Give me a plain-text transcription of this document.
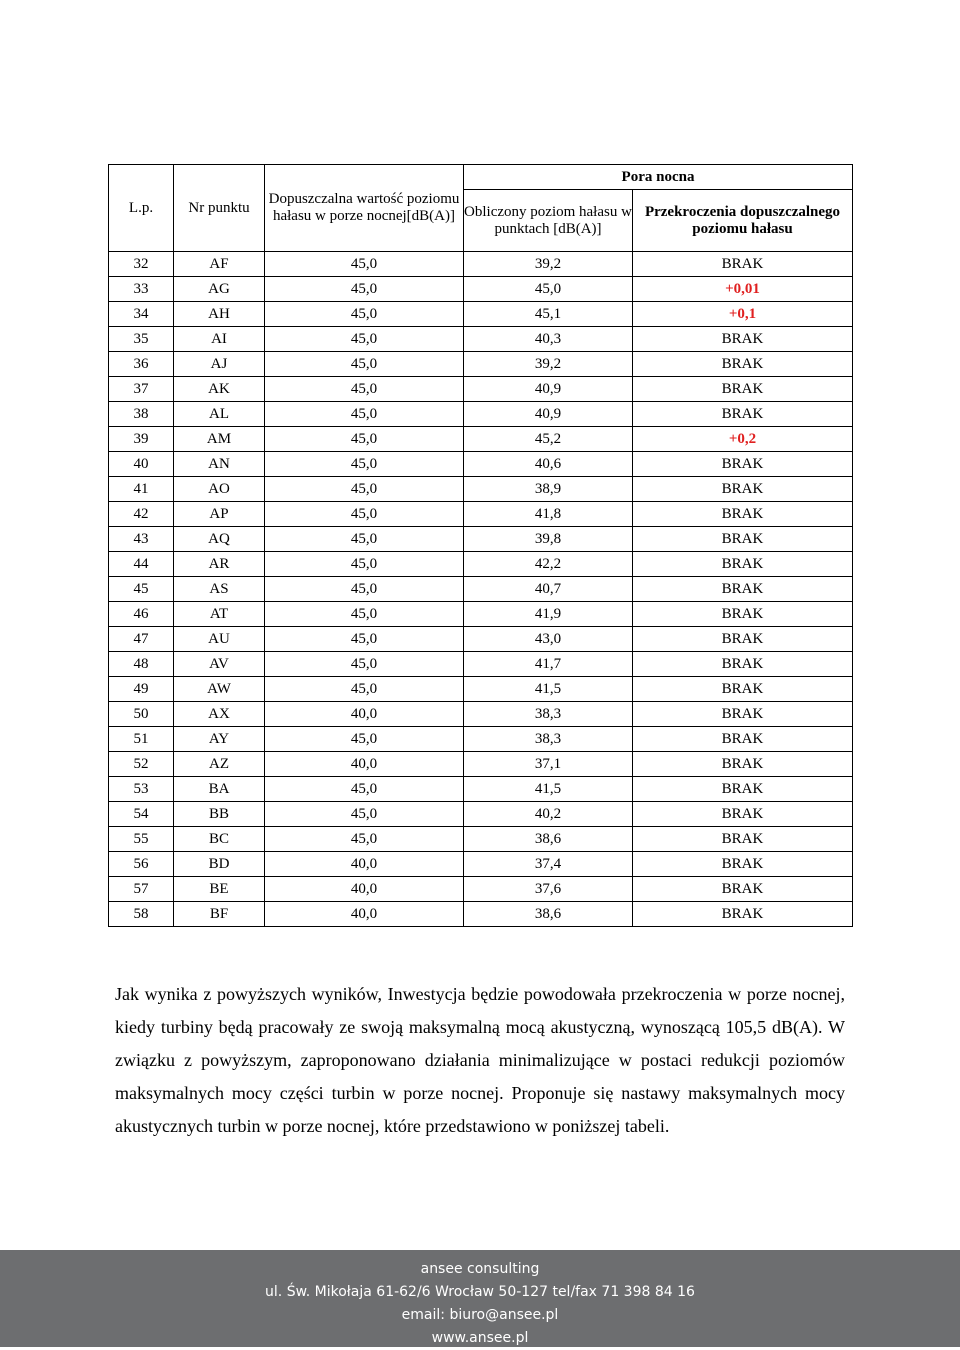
L.p.	Nr punktu	Dopuszczalna wartość poziomu hałasu w porze nocnej[dB(A)]	Pora nocna	
			Obliczony poziom hałasu w punktach [dB(A)]	Przekroczenia dopuszczalnego poziomu hałasu
32	AF	45,0	39,2	BRAK
33	AG	45,0	45,0	+0,01
34	AH	45,0	45,1	+0,1
35	AI	45,0	40,3	BRAK
36	AJ	45,0	39,2	BRAK
37	AK	45,0	40,9	BRAK
38	AL	45,0	40,9	BRAK
39	AM	45,0	45,2	+0,2
40	AN	45,0	40,6	BRAK
41	AO	45,0	38,9	BRAK
42	AP	45,0	41,8	BRAK
43	AQ	45,0	39,8	BRAK
44	AR	45,0	42,2	BRAK
45	AS	45,0	40,7	BRAK
46	AT	45,0	41,9	BRAK
47	AU	45,0	43,0	BRAK
48	AV	45,0	41,7	BRAK
49	AW	45,0	41,5	BRAK
50	AX	40,0	38,3	BRAK
51	AY	45,0	38,3	BRAK
52	AZ	40,0	37,1	BRAK
53	BA	45,0	41,5	BRAK
54	BB	45,0	40,2	BRAK
55	BC	45,0	38,6	BRAK
56	BD	40,0	37,4	BRAK
57	BE	40,0	37,6	BRAK
58	BF	40,0	38,6	BRAK

Jak wynika z powyższych wyników, Inwestycja będzie powodowała przekroczenia w porze nocnej, kiedy turbiny będą pracowały ze swoją maksymalną mocą akustyczną, wynoszącą 105,5 dB(A). W związku z powyższym, zaproponowano działania minimalizujące w postaci redukcji poziomów maksymalnych mocy części turbin w porze nocnej. Proponuje się nastawy maksymalnych mocy akustycznych turbin w porze nocnej, które przedstawiono w poniższej tabeli.

ansee consulting
ul. Św. Mikołaja 61-62/6 Wrocław 50-127 tel/fax 71 398 84 16
email: biuro@ansee.pl
www.ansee.pl
